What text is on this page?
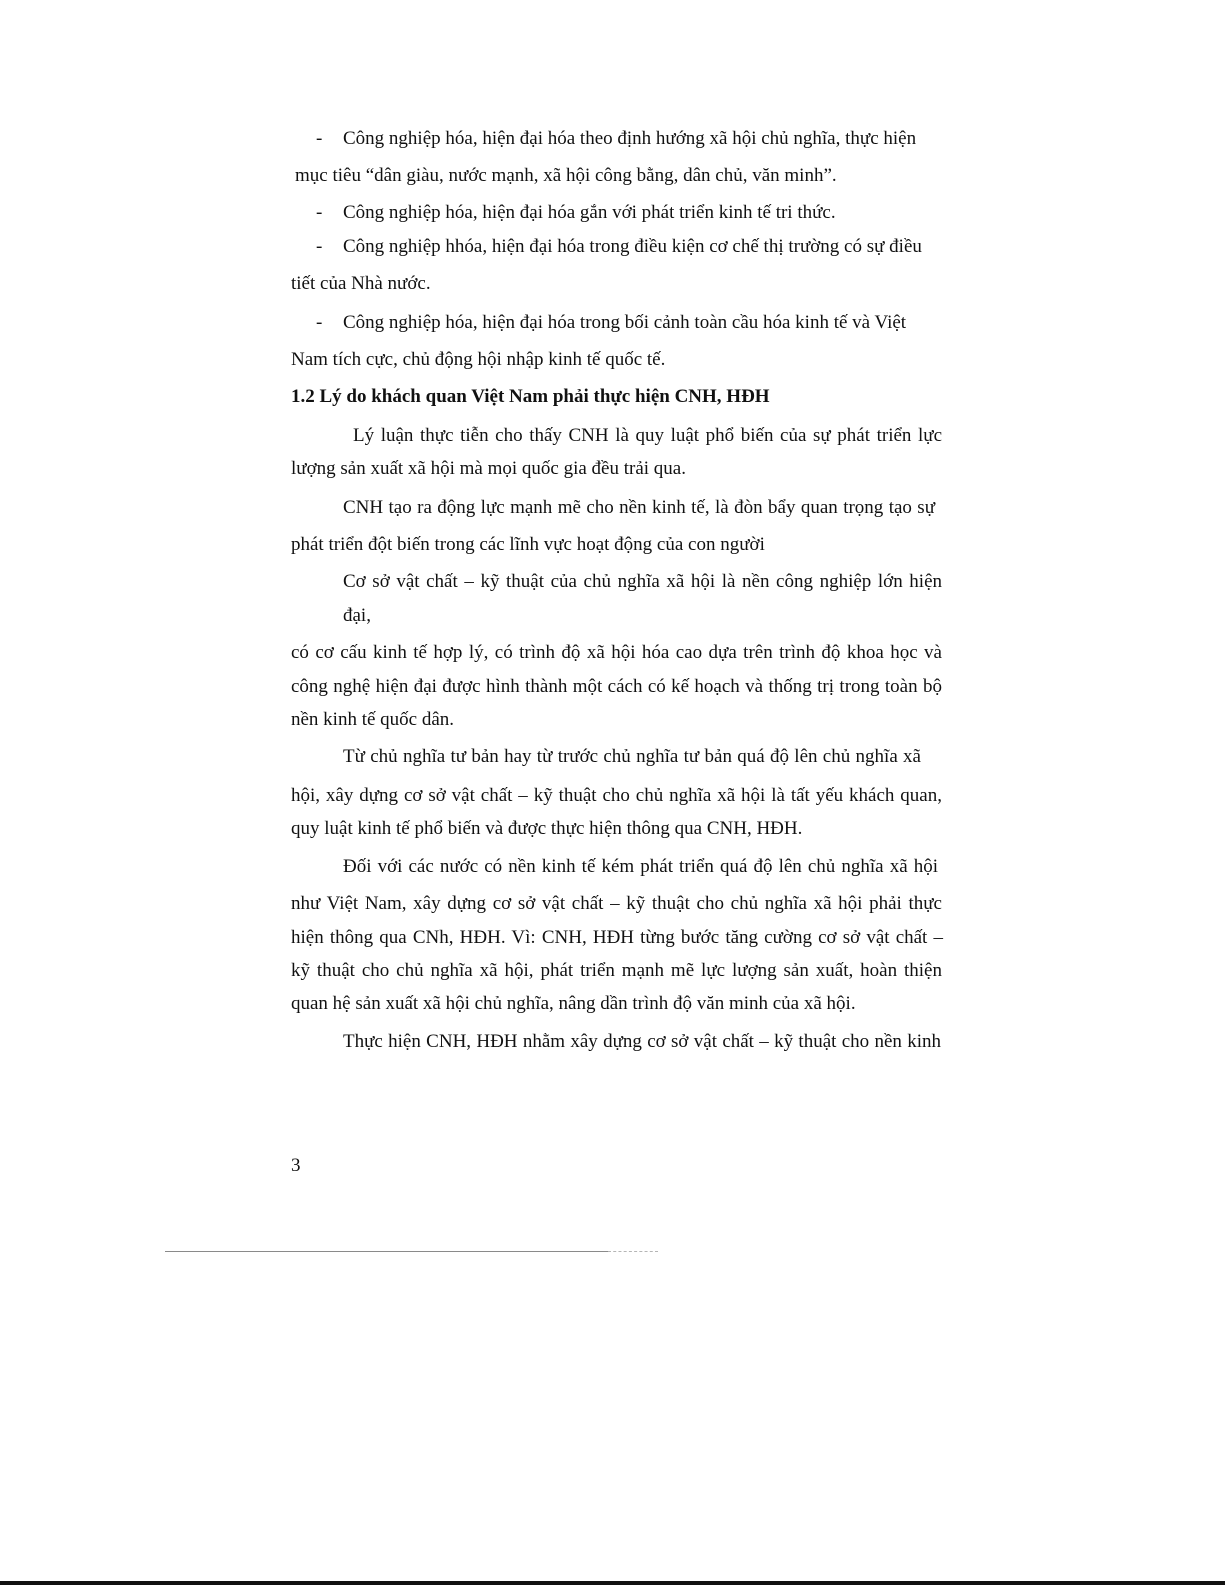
- Công nghiệp hóa, hiện đại hóa theo định hướng xã hội chủ nghĩa, thực hiện
mục tiêu “dân giàu, nước mạnh, xã hội công bằng, dân chủ, văn minh”.
- Công nghiệp hóa, hiện đại hóa gắn với phát triển kinh tế tri thức.
- Công nghiệp hhóa, hiện đại hóa trong điều kiện cơ chế thị trường có sự điều
tiết của Nhà nước.
- Công nghiệp hóa, hiện đại hóa trong bối cảnh toàn cầu hóa kinh tế và Việt
Nam tích cực, chủ động hội nhập kinh tế quốc tế.
1.2 Lý do khách quan Việt Nam phải thực hiện CNH, HĐH
Lý luận thực tiễn cho thấy CNH là quy luật phổ biến của sự phát triển lực
lượng sản xuất xã hội mà mọi quốc gia đều trải qua.
CNH tạo ra động lực mạnh mẽ cho nền kinh tế, là đòn bẩy quan trọng tạo sự
phát triển đột biến trong các lĩnh vực hoạt động của con người
Cơ sở vật chất – kỹ thuật của chủ nghĩa xã hội là nền công nghiệp lớn hiện
đại,
có cơ cấu kinh tế hợp lý, có trình độ xã hội hóa cao dựa trên trình độ khoa học và
công nghệ hiện đại được hình thành một cách có kế hoạch và thống trị trong toàn bộ
nền kinh tế quốc dân.
Từ chủ nghĩa tư bản hay từ trước chủ nghĩa tư bản quá độ lên chủ nghĩa xã
hội, xây dựng cơ sở vật chất – kỹ thuật cho chủ nghĩa xã hội là tất yếu khách quan,
quy luật kinh tế phổ biến và được thực hiện thông qua CNH, HĐH.
Đối với các nước có nền kinh tế kém phát triển quá độ lên chủ nghĩa xã hội
như Việt Nam, xây dựng cơ sở vật chất – kỹ thuật cho chủ nghĩa xã hội phải thực
hiện thông qua CNh, HĐH. Vì: CNH, HĐH từng bước tăng cường cơ sở vật chất –
kỹ thuật cho chủ nghĩa xã hội, phát triển mạnh mẽ lực lượng sản xuất, hoàn thiện
quan hệ sản xuất xã hội chủ nghĩa, nâng dần trình độ văn minh của xã hội.
Thực hiện CNH, HĐH nhằm xây dựng cơ sở vật chất – kỹ thuật cho nền kinh
3
